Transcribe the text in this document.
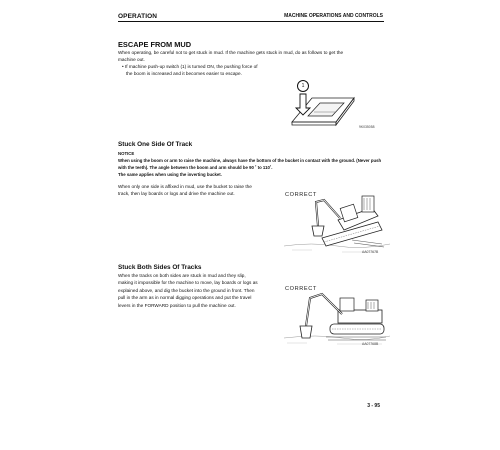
OPERATION	MACHINE OPERATIONS AND CONTROLS
ESCAPE FROM MUD
When operating, be careful not to get stuck in mud. If the machine gets stuck in mud, do as follows to get the
machine out.
• If machine push-up switch (1) is turned ON, the pushing force of
the boom is increased and it becomes easier to escape.
1
9K035058
Stuck One Side Of Track
NOTICE
When using the boom or arm to raise the machine, always have the bottom of the bucket in contact with the ground. (Never push
with the teeth). The angle between the boom and arm should be 90 ˚ to 110˚.
The same applies when using the inverting bucket.
When only one side is affixed in mud, use the bucket to raise the
track, then lay boards or logs and drive the machine out.	CORRECT
AA07767B
Stuck Both Sides Of Tracks
When the tracks on both sides are stuck in mud and they slip,
making it impossible for the machine to move, lay boards or logs as
explained above, and dig the bucket into the ground in front. Then
pull in the arm as in normal digging operations and put the travel
levers in the FORWARD position to pull the machine out.
CORRECT
AA07768B
3 - 95
